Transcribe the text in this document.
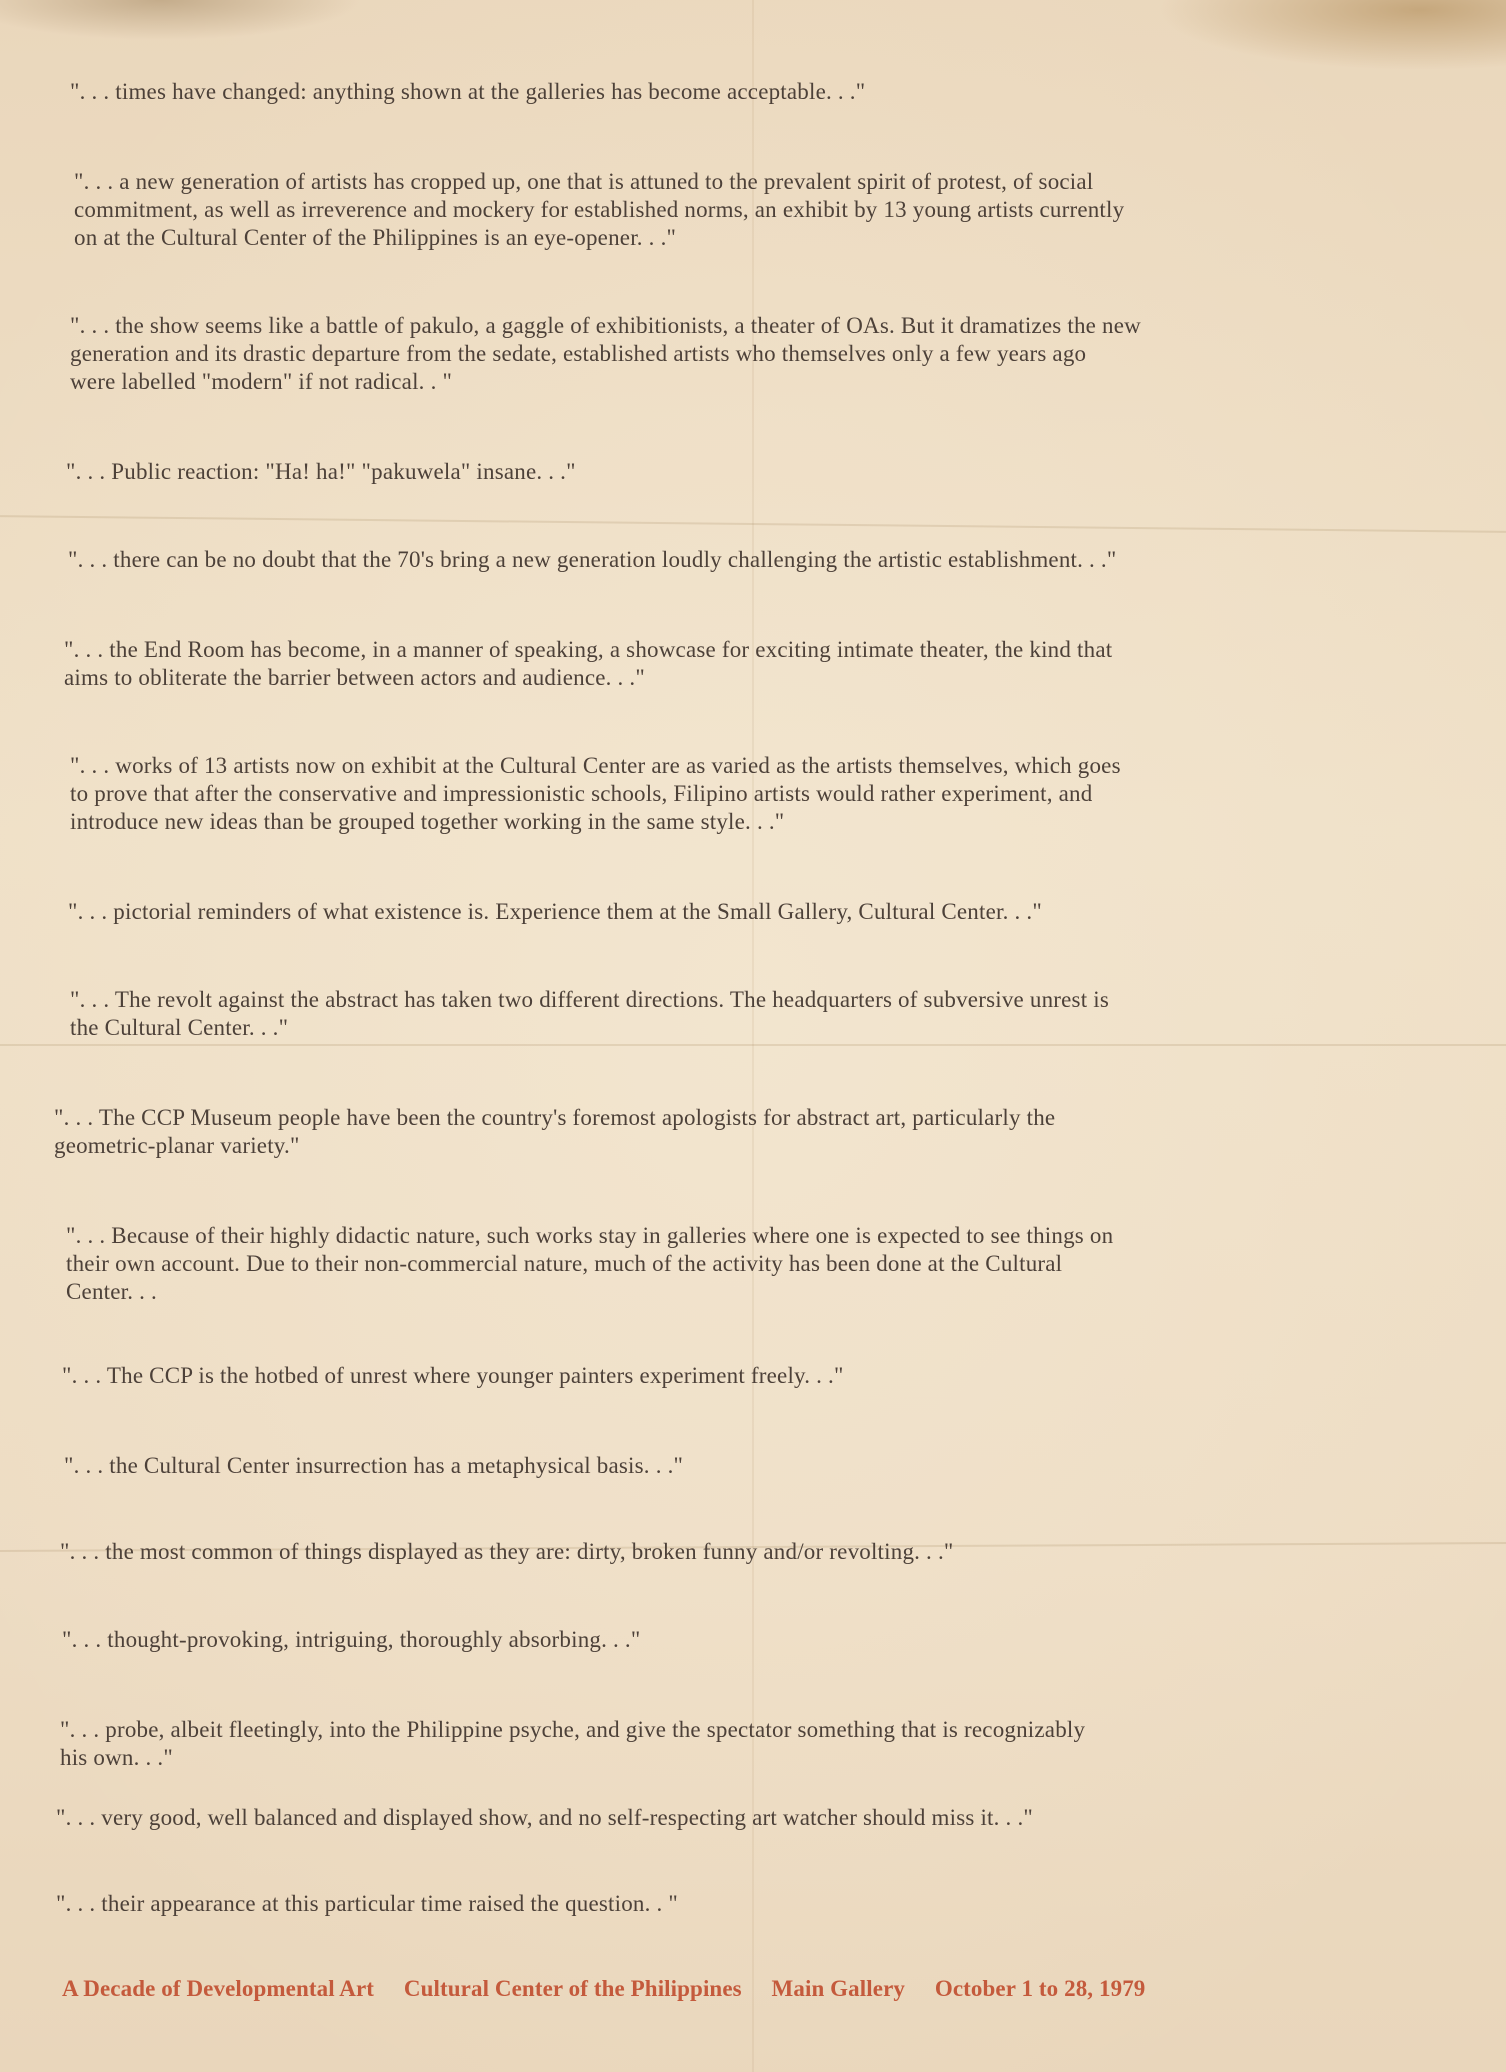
". . . times have changed: anything shown at the galleries has become acceptable. . ."
". . . a new generation of artists has cropped up, one that is attuned to the prevalent spirit of protest, of social
commitment, as well as irreverence and mockery for established norms, an exhibit by 13 young artists currently
on at the Cultural Center of the Philippines is an eye-opener. . ."
". . . the show seems like a battle of pakulo, a gaggle of exhibitionists, a theater of OAs. But it dramatizes the new
generation and its drastic departure from the sedate, established artists who themselves only a few years ago
were labelled "modern" if not radical. . "
". . . Public reaction: "Ha! ha!" "pakuwela" insane. . ."
". . . there can be no doubt that the 70's bring a new generation loudly challenging the artistic establishment. . ."
". . . the End Room has become, in a manner of speaking, a showcase for exciting intimate theater, the kind that
aims to obliterate the barrier between actors and audience. . ."
". . . works of 13 artists now on exhibit at the Cultural Center are as varied as the artists themselves, which goes
to prove that after the conservative and impressionistic schools, Filipino artists would rather experiment, and
introduce new ideas than be grouped together working in the same style. . ."
". . . pictorial reminders of what existence is. Experience them at the Small Gallery, Cultural Center. . ."
". . . The revolt against the abstract has taken two different directions. The headquarters of subversive unrest is
the Cultural Center. . ."
". . . The CCP Museum people have been the country's foremost apologists for abstract art, particularly the
geometric-planar variety."
". . . Because of their highly didactic nature, such works stay in galleries where one is expected to see things on
their own account. Due to their non-commercial nature, much of the activity has been done at the Cultural
Center. . .
". . . The CCP is the hotbed of unrest where younger painters experiment freely. . ."
". . . the Cultural Center insurrection has a metaphysical basis. . ."
". . . the most common of things displayed as they are: dirty, broken funny and/or revolting. . ."
". . . thought-provoking, intriguing, thoroughly absorbing. . ."
". . . probe, albeit fleetingly, into the Philippine psyche, and give the spectator something that is recognizably
his own. . ."
". . . very good, well balanced and displayed show, and no self-respecting art watcher should miss it. . ."
". . . their appearance at this particular time raised the question. . "
A Decade of Developmental Art Cultural Center of the Philippines Main Gallery October 1 to 28, 1979
